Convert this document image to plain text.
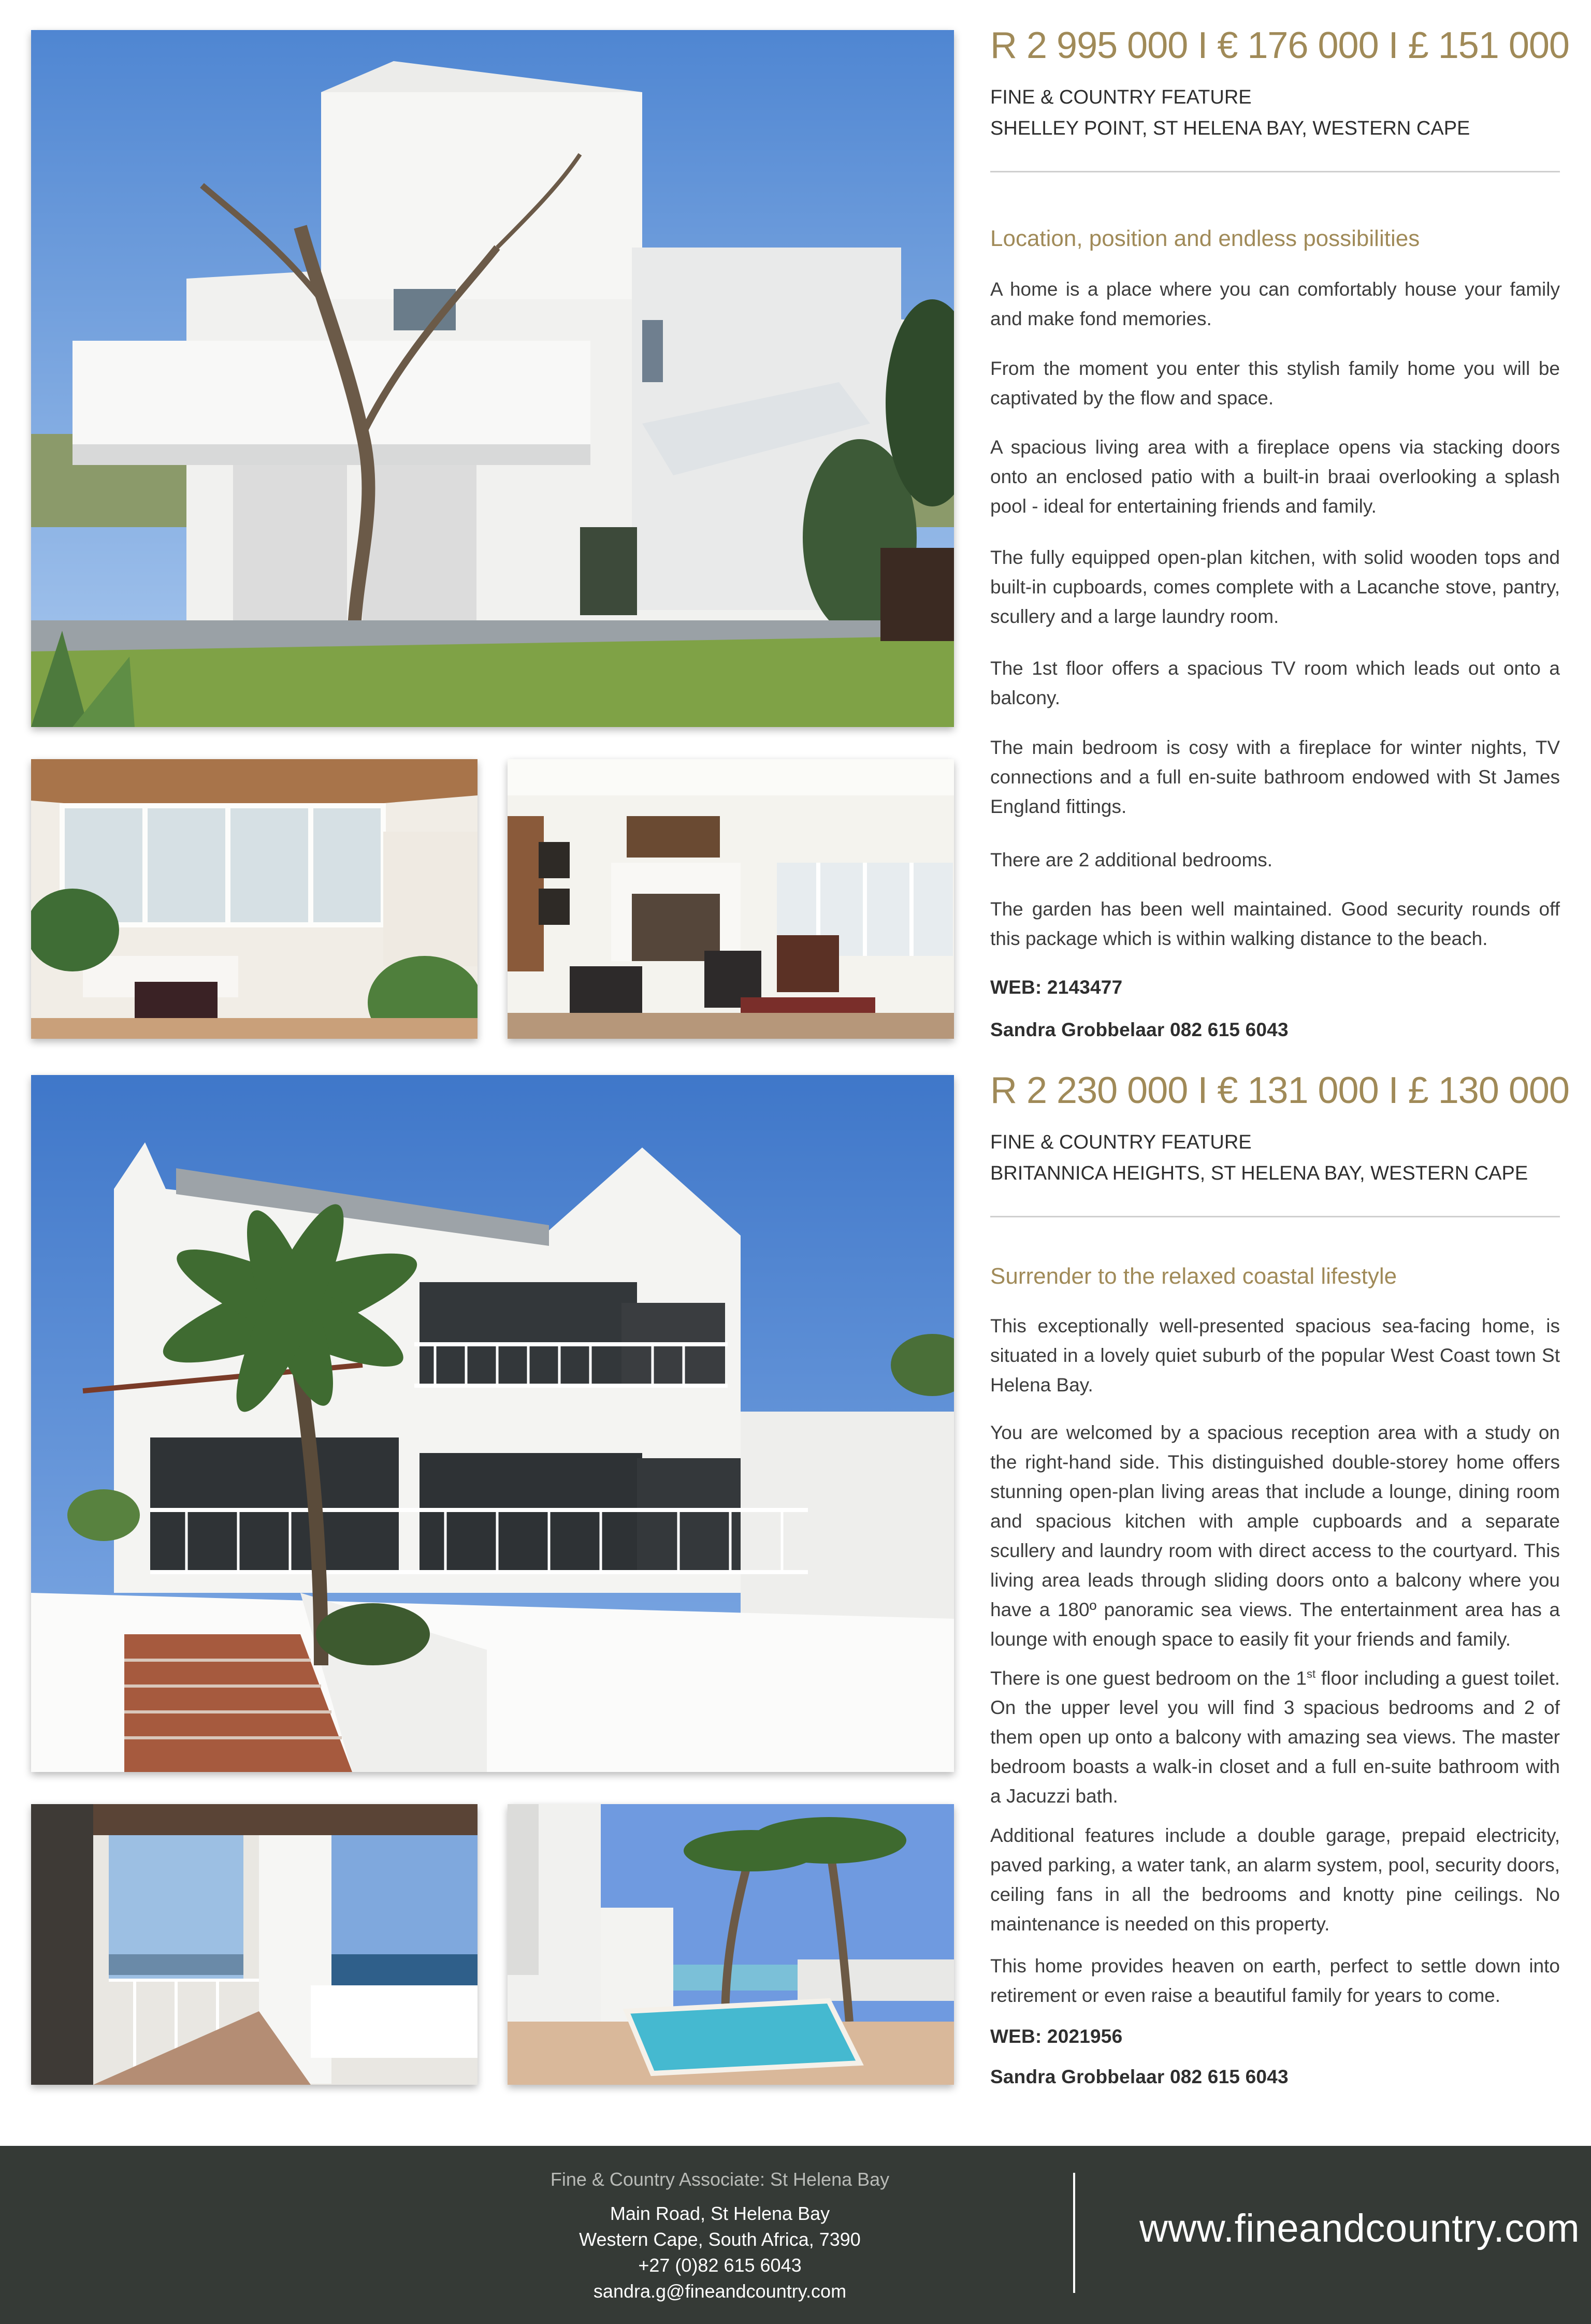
R 2 995 000 I € 176 000 I £ 151 000
FINE & COUNTRY FEATURE
SHELLEY POINT, ST HELENA BAY, WESTERN CAPE
Location, position and endless possibilities
A home is a place where you can comfortably house your family and make fond memories.
From the moment you enter this stylish family home you will be captivated by the flow and space.
A spacious living area with a fireplace opens via stacking doors onto an enclosed patio with a built-in braai overlooking a splash pool - ideal for entertaining friends and family.
The fully equipped open-plan kitchen, with solid wooden tops and built-in cupboards, comes complete with a Lacanche stove, pantry, scullery and a large laundry room.
The 1st floor offers a spacious TV room which leads out onto a balcony.
The main bedroom is cosy with a fireplace for winter nights, TV connections and a full en-suite bathroom endowed with St James England fittings.
There are 2 additional bedrooms.
The garden has been well maintained. Good security rounds off this package which is within walking distance to the beach.
WEB: 2143477
Sandra Grobbelaar 082 615 6043
R 2 230 000 I € 131 000 I £ 130 000
FINE & COUNTRY FEATURE
BRITANNICA HEIGHTS, ST HELENA BAY, WESTERN CAPE
Surrender to the relaxed coastal lifestyle
This exceptionally well-presented spacious sea-facing home, is situated in a lovely quiet suburb of the popular West Coast town St Helena Bay.
You are welcomed by a spacious reception area with a study on the right-hand side. This distinguished double-storey home offers stunning open-plan living areas that include a lounge, dining room and spacious kitchen with ample cupboards and a separate scullery and laundry room with direct access to the courtyard. This living area leads through sliding doors onto a balcony where you have a 180º panoramic sea views. The entertainment area has a lounge with enough space to easily fit your friends and family.
There is one guest bedroom on the 1st floor including a guest toilet. On the upper level you will find 3 spacious bedrooms and 2 of them open up onto a balcony with amazing sea views. The master bedroom boasts a walk-in closet and a full en-suite bathroom with a Jacuzzi bath.
Additional features include a double garage, prepaid electricity, paved parking, a water tank, an alarm system, pool, security doors, ceiling fans in all the bedrooms and knotty pine ceilings. No maintenance is needed on this property.
This home provides heaven on earth, perfect to settle down into retirement or even raise a beautiful family for years to come.
WEB: 2021956
Sandra Grobbelaar 082 615 6043
Fine & Country Associate: St Helena Bay
Main Road, St Helena Bay
Western Cape, South Africa, 7390
+27 (0)82 615 6043
sandra.g@fineandcountry.com
www.fineandcountry.com
